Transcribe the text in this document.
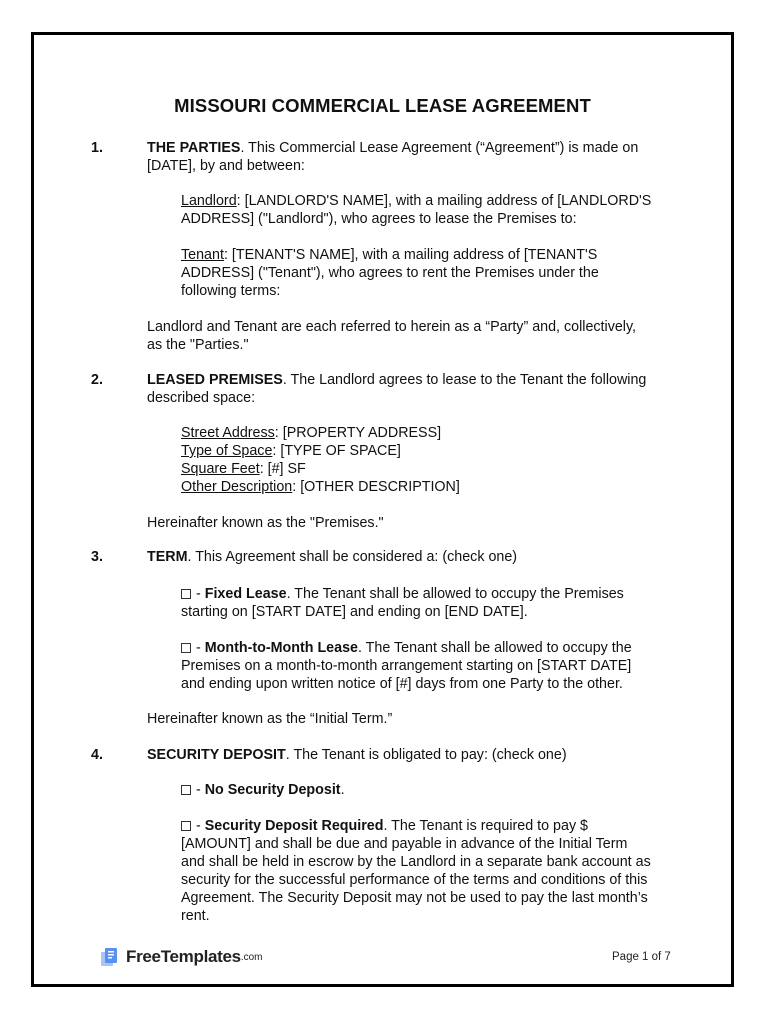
MISSOURI COMMERCIAL LEASE AGREEMENT
1.	THE PARTIES. This Commercial Lease Agreement (“Agreement”) is made on
[DATE], by and between:
Landlord: [LANDLORD'S NAME], with a mailing address of [LANDLORD'S
ADDRESS] ("Landlord"), who agrees to lease the Premises to:
Tenant: [TENANT'S NAME], with a mailing address of [TENANT'S
ADDRESS] ("Tenant"), who agrees to rent the Premises under the
following terms:
Landlord and Tenant are each referred to herein as a “Party” and, collectively,
as the "Parties."
2.	LEASED PREMISES. The Landlord agrees to lease to the Tenant the following
described space:
Street Address: [PROPERTY ADDRESS]
Type of Space: [TYPE OF SPACE]
Square Feet: [#] SF
Other Description: [OTHER DESCRIPTION]
Hereinafter known as the "Premises."
3.	TERM. This Agreement shall be considered a: (check one)
- Fixed Lease. The Tenant shall be allowed to occupy the Premises
starting on [START DATE] and ending on [END DATE].
- Month-to-Month Lease. The Tenant shall be allowed to occupy the
Premises on a month-to-month arrangement starting on [START DATE]
and ending upon written notice of [#] days from one Party to the other.
Hereinafter known as the “Initial Term.”
4.	SECURITY DEPOSIT. The Tenant is obligated to pay: (check one)
- No Security Deposit.
- Security Deposit Required. The Tenant is required to pay $
[AMOUNT] and shall be due and payable in advance of the Initial Term
and shall be held in escrow by the Landlord in a separate bank account as
security for the successful performance of the terms and conditions of this
Agreement. The Security Deposit may not be used to pay the last month’s
rent.
FreeTemplates .com	Page 1 of 7
